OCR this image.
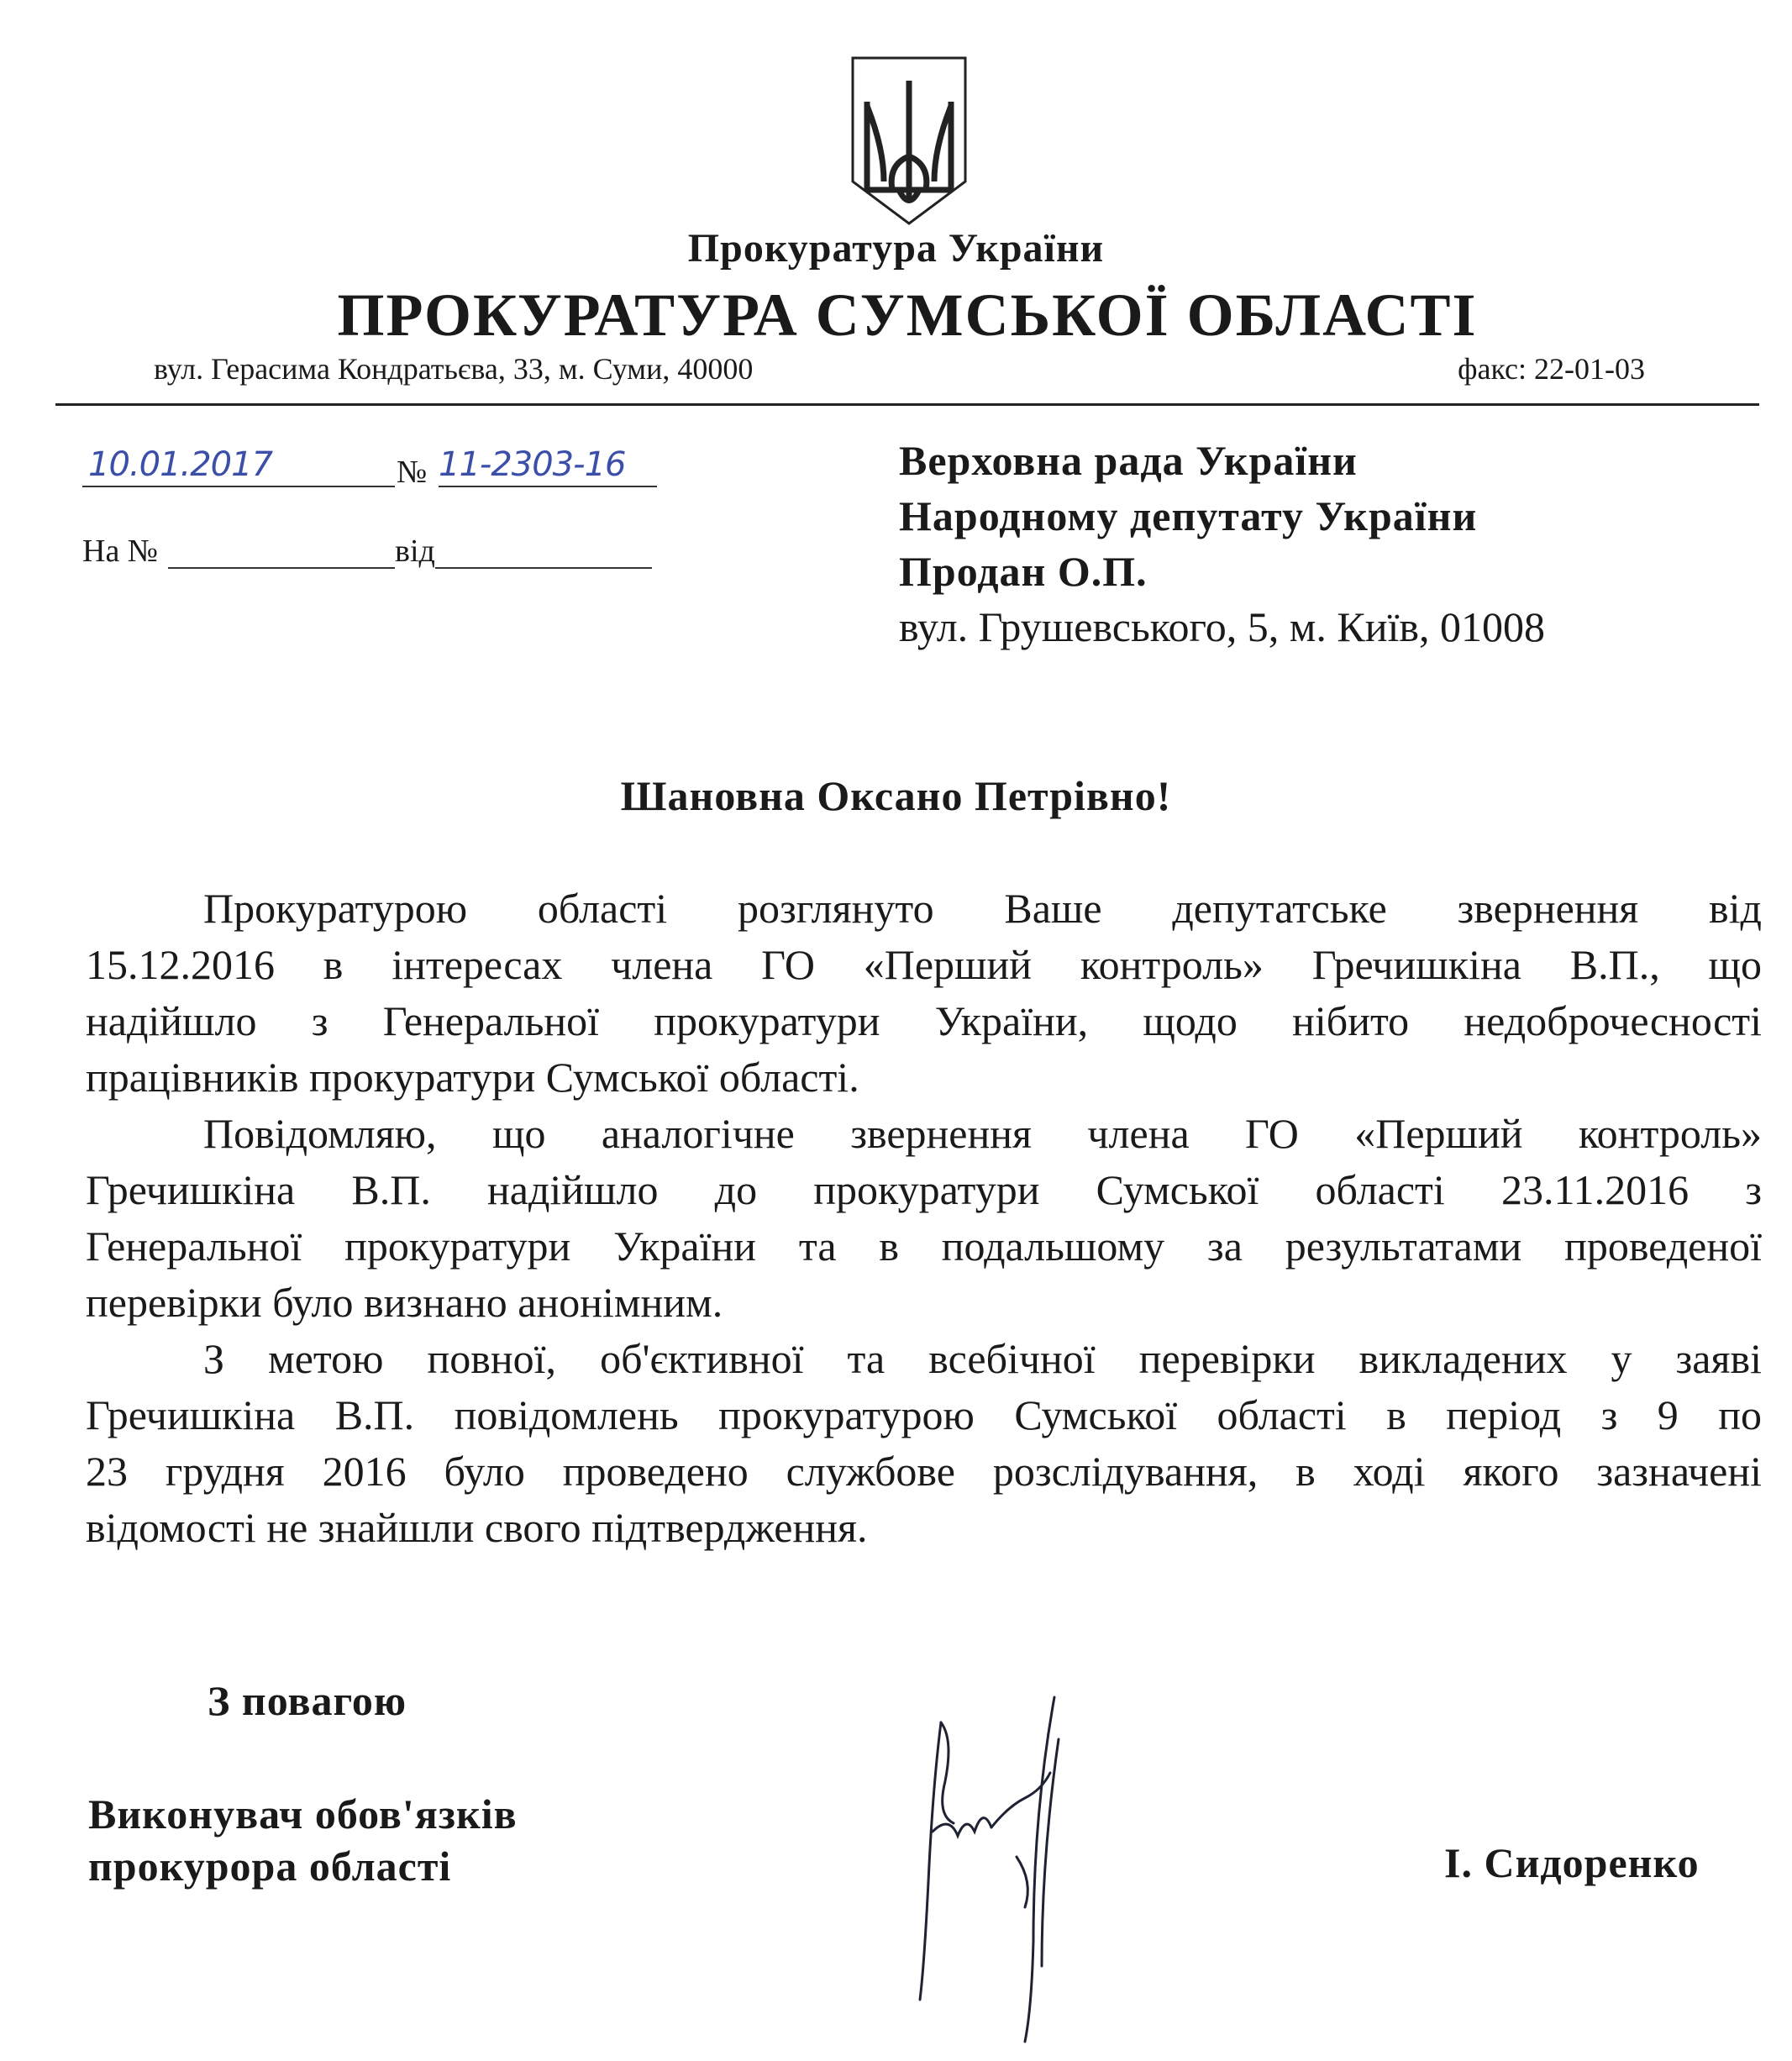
Прокуратура України
ПРОКУРАТУРА СУМСЬКОЇ ОБЛАСТІ
вул. Герасима Кондратьєва, 33, м. Суми, 40000	факс: 22-01-03
10.01.2017	№ 11-2303-16
На №	від
Верховна рада України
Народному депутату України
Продан О.П.
вул. Грушевського, 5, м. Київ, 01008
Шановна Оксано Петрівно!
Прокуратурою області розглянуто Ваше депутатське звернення від
15.12.2016 в інтересах члена ГО «Перший контроль» Гречишкіна В.П., що
надійшло з Генеральної прокуратури України, щодо нібито недоброчесності
працівників прокуратури Сумської області.
Повідомляю, що аналогічне звернення члена ГО «Перший контроль»
Гречишкіна В.П. надійшло до прокуратури Сумської області 23.11.2016 з
Генеральної прокуратури України та в подальшому за результатами проведеної
перевірки було визнано анонімним.
З метою повної, об'єктивної та всебічної перевірки викладених у заяві
Гречишкіна В.П. повідомлень прокуратурою Сумської області в період з 9 по
23 грудня 2016 було проведено службове розслідування, в ході якого зазначені
відомості не знайшли свого підтвердження.
З повагою
Виконувач обов'язків
прокурора області	І. Сидоренко
